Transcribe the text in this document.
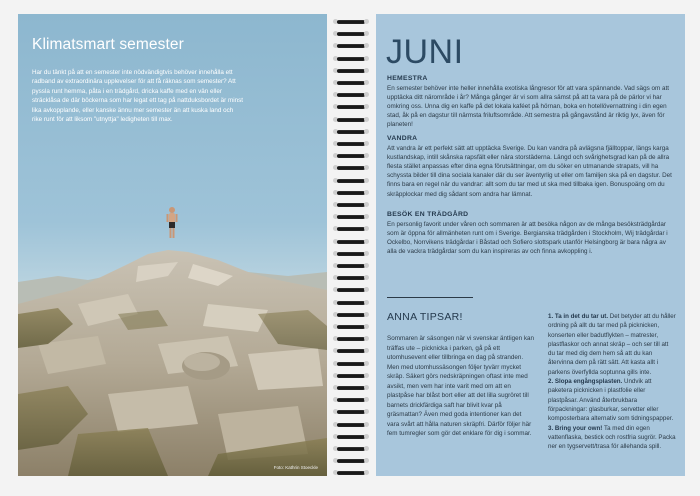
Klimatsmart semester

Har du tänkt på att en semester inte nödvändigtvis behöver innehålla ett radband av extraordinära upplevelser för att få räknas som semester? Att pyssla runt hemma, påta i en trädgård, dricka kaffe med en vän eller sträcklåsa de där böckerna som har legat ett tag på nattduksbordet är minst lika avkopplande, eller kanske ännu mer semester än att kuska land och rike runt för att liksom "utnyttja" ledigheten till max.

Foto: Kathrin Stoeckle
JUNI
HEMESTRA

En semester behöver inte heller innehålla exotiska långresor för att vara spännande. Vad sägs om att upptäcka ditt närområde i år? Många gånger är vi som allra sämst på att ta vara på de pärlor vi har omkring oss. Unna dig en kaffe på det lokala kaféet på hörnan, boka en hotellövernattning i din egen stad, åk på en dagstur till närmsta friluftsområde. Att semestra på gångavstånd är riktig lyx, även för planeten!

VANDRA

Att vandra är ett perfekt sätt att upptäcka Sverige. Du kan vandra på avlägsna fjälltoppar, längs karga kustlandskap, intill skånska rapsfält eller nära storstäderna. Längd och svårighetsgrad kan på de allra flesta stället anpassas efter dina egna förutsättningar, om du söker en utmanande strapats, vill ha schyssta bilder till dina sociala kanaler där du ser äventyrlig ut eller om familjen ska på en dagstur. Det finns bara en regel när du vandrar: allt som du tar med ut ska med tillbaka igen. Bonuspoäng om du skräpplockar med dig sådant som andra har lämnat.

BESÖK EN TRÄDGÅRD

En personlig favorit under våren och sommaren är att besöka någon av de många besöksträdgårdar som är öppna för allmänheten runt om i Sverige. Bergianska trädgården i Stockholm, Wij trädgårdar i Ockelbo, Norrvikens trädgårdar i Båstad och Sofiero slottspark utanför Helsingborg är bara några av alla de vackra trädgårdar som du kan inspireras av och finna avkoppling i.

ANNA TIPSAR!

Sommaren är säsongen när vi svenskar äntligen kan träffas ute – picknicka i parken, gå på ett utomhusevent eller tillbringa en dag på stranden. Men med utomhussäsongen följer tyvärr mycket skräp. Säkert görs nedskräpningen oftast inte med avsikt, men vem har inte varit med om att en plastpåse har blåst bort eller att det lilla sugröret till barnets drickfärdiga saft har blivit kvar på gräsmattan? Även med goda intentioner kan det vara svårt att hålla naturen skräpfri. Därför följer här fem tumregler som gör det enklare för dig i sommar.

1. Ta in det du tar ut. Det betyder att du håller ordning på allt du tar med på picknicken, konserten eller badutflykten – matrester, plastflaskor och annat skräp – och ser till att du tar med dig dem hem så att du kan återvinna dem på rätt sätt. Att kasta allt i parkens överfyllda soptunna gills inte.

2. Slopa engångsplasten. Undvik att paketera picknicken i plastfolie eller plastpåsar. Använd återbrukbara förpackningar: glasburkar, servetter eller komposterbara alternativ som tidningspapper.

3. Bring your own! Ta med din egen vattenflaska, bestick och rostfria sugrör. Packa ner en tygservett/trasa för allehanda spill.
